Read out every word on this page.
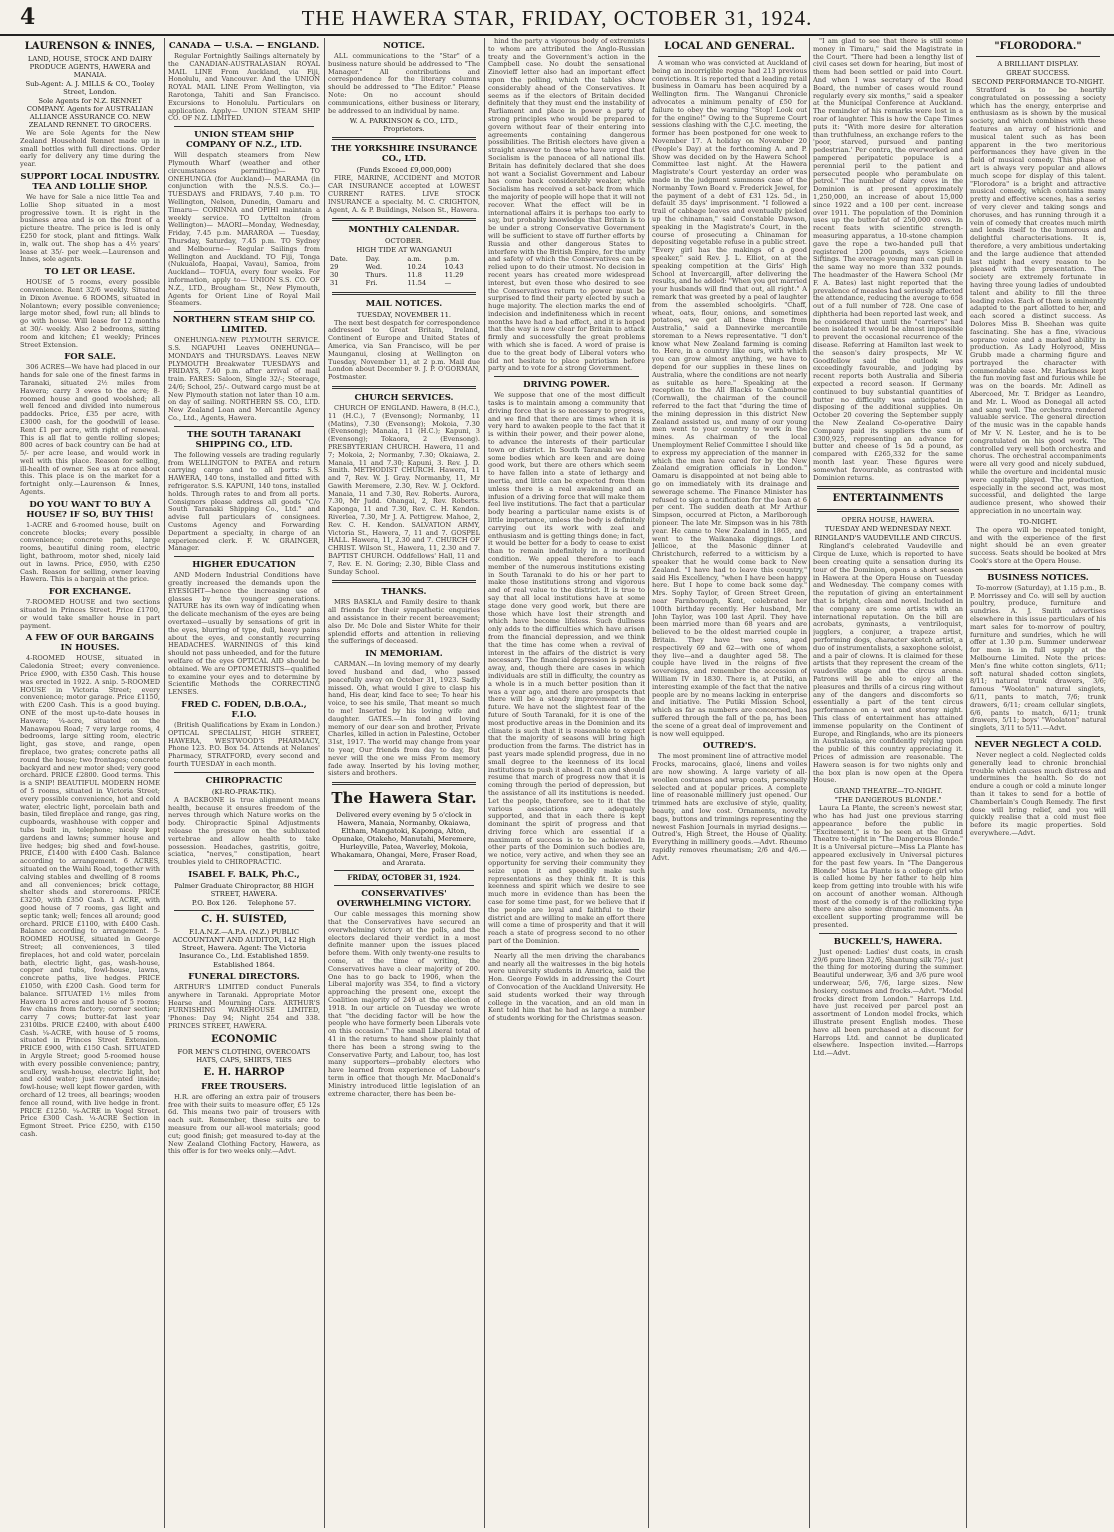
4	THE HAWERA STAR, FRIDAY, OCTOBER 31, 1924.
LAURENSON & INNES,
LAND, HOUSE, STOCK AND DAIRY PRODUCE AGENTS, HAWERA and MANAIA.
Sub-Agent: A. J. MILLS & CO., Tooley Street, London.
Sole Agents for N.Z. RENNET COMPANY. Agents for AUSTRALIAN ALLIANCE ASSURANCE CO. NEW ZEALAND RENNET. TO GROCERS.

We are Sole Agents for the New Zealand Household Rennet made up in small bottles with full directions. Order early for delivery any time during the year.

SUPPORT LOCAL INDUSTRY. TEA AND LOLLIE SHOP.

We have for Sale a nice little Tea and Lollie Shop situated in a most progressive town. It is right in the business area and is on the front of a picture theatre. The price is led is only £250 for stock, plant and fittings. Walk in, walk out. The shop has a 4½ years' lease at 35/- per week.—Laurenson and Innes, sole agents.

TO LET OR LEASE.

HOUSE of 5 rooms, every possible convenience. Rent 32/6 weekly. Situated in Dixon Avenue. 6 ROOMS, situated in Nolantown; every possible convenience; large motor shed, fowl run; all blinds to go with house. Will lease for 12 months at 30/- weekly. Also 2 bedrooms, sitting room and kitchen; £1 weekly; Princes Street Extension.

FOR SALE.

306 ACRES—We have had placed in our hands for sale one of the finest farms in Taranaki, situated 2½ miles from Hawera; carry 3 ewes to the acre; 8-roomed house and good woolshed; all well fenced and divided into numerous paddocks. Price, £35 per acre, with £3000 cash, for the goodwill of lease. Rent £1 per acre, with right of renewal. This is all flat to gentle rolling slopes; 800 acres of back country can be had at 5/- per acre lease, and would work in well with this place. Reason for selling, ill-health of owner. See us at once about this. This place is on the market for a fortnight only.—Laurenson & Innes, Agents.

DO YOU WANT TO BUY A HOUSE? IF SO, BUY THIS!

1-ACRE and 6-roomed house, built on concrete blocks; every possible convenience; concrete paths, large rooms, beautiful dining room, electric light, bathroom, motor shed, nicely laid out in lawns. Price, £950, with £250 Cash. Reason for selling, owner leaving Hawera. This is a bargain at the price.

FOR EXCHANGE.

7-ROOMED HOUSE and two sections situated in Princes Street. Price £1700, or would take smaller house in part payment.

A FEW OF OUR BARGAINS IN HOUSES.

4-ROOMED HOUSE, situated in Caledonia Street; every convenience. Price £900, with £350 Cash. This house was erected in 1922. A snip. 5-ROOMED HOUSE in Victoria Street; every convenience; motor garage. Price £1150, with £200 Cash. This is a good buying. ONE of the most up-to-date houses in Hawera; ¼-acre, situated on the Manawapou Road; 7 very large rooms, 4 bedrooms, large sitting room, electric light, gas stove, and range, open fireplace, two grates; concrete paths all round the house; two frontages; concrete backyard and new motor shed; very good orchard. PRICE £2800. Good terms. This is a SNIP! BEAUTIFUL MODERN HOME of 5 rooms, situated in Victoria Street; every possible convenience, hot and cold water, electric light, porcelain bath and basin, tiled fireplace and range, gas ring, cupboards, washhouse with copper and tubs built in, telephone; nicely kept gardens and lawns; summer house and live hedges; big shed and fowl-house. PRICE, £1400 with £400 Cash. Balance according to arrangement. 6 ACRES, situated on the Waihi Road, together with calving stables and dwelling of 8 rooms and all conveniences; brick cottage, shelter sheds and storerooms. PRICE £3250, with £350 Cash. 1 ACRE, with good house of 7 rooms, gas light and septic tank; well; fences all around; good orchard. PRICE £1100, with £400 Cash. Balance according to arrangement. 5-ROOMED HOUSE, situated in George Street; all conveniences, 3 tiled fireplaces, hot and cold water, porcelain bath, electric light, gas, wash-house, copper and tubs, fowl-house, lawns, concrete paths, live hedges. PRICE £1050, with £200 Cash. Good term for balance. SITUATED 1½ miles from Hawera 10 acres and house of 5 rooms; few chains from factory; corner section; carry 7 cows; butter-fat last year 2310lbs. PRICE £2400, with about £400 Cash. ¼-ACRE, with house of 5 rooms, situated in Princes Street Extension. PRICE £900, with £150 Cash. SITUATED in Argyle Street; good 5-roomed house with every possible convenience; pantry, scullery, wash-house, electric light, hot and cold water; just renovated inside; fowl-house; well kept flower garden, with orchard of 12 trees, all bearings; wooden fence all round, with live hedge in front. PRICE £1250. ¼-ACRE in Vogel Street. Price £300 Cash. ¼-ACRE Section in Egmont Street. Price £250, with £150 cash.

CANADA — U.S.A. — ENGLAND.

Regular Fortnightly Sailings alternately by the CANADIAN-AUSTRALASIAN ROYAL MAIL LINE From Auckland, via Fiji, Honolulu, and Vancouver. And the UNION ROYAL MAIL LINE From Wellington, via Rarotonga, Tahiti and San Francisco. Excursions to Honolulu. Particulars on application. Apply— UNION STEAM SHIP CO. OF N.Z. LIMITED.

UNION STEAM SHIP COMPANY OF N.Z., LTD.

Will despatch steamers from New Plymouth Wharf (weather and other circumstances permitting)— TO ONEHUNGA (for Auckland)— MARAMA (in conjunction with the N.S.S. Co.)— TUESDAYS and FRIDAYS, 7.40 p.m. TO Wellington, Nelson, Dunedin, Oamaru and Timaru— CORINNA and OPIHI maintain a weekly service. TO Lyttelton (from Wellington)— MAORI—Monday, Wednesday, Friday, 7.45 p.m. MARAROA — Tuesday, Thursday, Saturday, 7.45 p.m. TO Sydney and Melbourne— Regular Sailings from Wellington and Auckland. TO Fiji, Tonga (Nukualofa, Haapai, Vavau), Samoa, from Auckland— TOFUA, every four weeks. For information, apply to— UNION S.S. CO. OF N.Z., LTD., Brougham St., New Plymouth, Agents for Orient Line of Royal Mail Steamers.

NORTHERN STEAM SHIP CO. LIMITED.

ONEHUNGA-NEW PLYMOUTH SERVICE. S.S. NGAPUHI Leaves ONEHUNGA— MONDAYS and THURSDAYS. Leaves NEW PLYMOUTH Breakwater TUESDAYS and FRIDAYS, 7.40 p.m. after arrival of mail train. FARES: Saloon, Single 32/-; Steerage, 24/6; School, 25/-. Outward cargo must be at New Plymouth station not later than 10 a.m. on day of sailing. NORTHERN SS. CO., LTD. New Zealand Loan and Mercantile Agency Co., Ltd., Agents, Hawera.

THE SOUTH TARANAKI SHIPPING CO., LTD.

The following vessels are trading regularly from WELLINGTON to PATEA and return carrying cargo and to all ports: S.S. HAWERA, 140 tons, installed and fitted with refrigerator. S.S. KAPUNI, 140 tons, installed holds. Through rates to and from all ports. Consignors please address all goods "C/o South Taranaki Shipping Co., Ltd." and advise full particulars of consignees. Customs Agency and Forwarding Department a specialty, in charge of an experienced clerk. F. W. GRAINGER, Manager.

HIGHER EDUCATION

AND Modern Industrial Conditions have greatly increased the demands upon the EYESIGHT—hence the increasing use of glasses by the younger generations. NATURE has its own way of indicating when the delicate mechanism of the eyes are being overtaxed—usually by sensations of grit in the eyes, blurring of type, dull, heavy pains about the eyes, and constantly recurring HEADACHES. WARNINGS of this kind should not pass unheeded, and for the future welfare of the eyes OPTICAL AID should be obtained. We are OPTOMETRISTS—qualified to examine your eyes and to determine by Scientific Methods the CORRECTING LENSES.

FRED C. FODEN, D.B.O.A., F.I.O.

(British Qualifications by Exam in London.) OPTICAL SPECIALIST, HIGH STREET, HAWERA, WESTWOOD'S PHARMACY, Phone 123. P.O. Box 54. Attends at Nelanes' Pharmacy, STRATFORD, every second and fourth TUESDAY in each month.

CHIROPRACTIC
(KI-RO-PRAK-TIK).

A BACKBONE is true alignment means health, because it ensures freedom of the nerves through which Nature works on the body. Chiropractic Spinal Adjustments release the pressure on the subluxated vertebrae and allow health to take possession. Headaches, gastritis, goitre, sciatica, "nerves," constipation, heart troubles yield to CHIROPRACTIC.

ISABEL F. BALK, Ph.C.,
Palmer Graduate Chiropractor, 88 HIGH STREET, HAWERA.
P.O. Box 126. Telephone 57.
C. H. SUISTED,
F.I.A.N.Z.—A.P.A. (N.Z.) PUBLIC ACCOUNTANT AND AUDITOR, 142 High Street, Hawera. Agent: The Victoria Insurance Co., Ltd. Established 1859.
Established 1864.
FUNERAL DIRECTORS.

ARTHUR'S LIMITED conduct Funerals anywhere in Taranaki. Appropriate Motor Hearse and Mourning Cars. ARTHUR'S FURNISHING WAREHOUSE LIMITED, 'Phones: Day 94; Night 254 and 338. PRINCES STREET, HAWERA.

ECONOMIC
FOR MEN'S CLOTHING, OVERCOATS HATS, CAPS, SHIRTS, TIES
E. H. HARROP
FREE TROUSERS.

H.R. are offering an extra pair of trousers free with their suits to measure offer, £5 12s 6d. This means two pair of trousers with each suit. Remember, these suits are to measure from our all-wool materials; good cut; good finish; get measured to-day at the New Zealand Clothing Factory, Hawera, as this offer is for two weeks only.—Advt.

NOTICE.

ALL communications to the "Star" of a business nature should be addressed to "The Manager." All contributions and correspondence for the literary columns should be addressed to "The Editor." Please Note: On no account should communications, either business or literary, be addressed to an individual by name.

W. A. PARKINSON & CO., LTD., Proprietors.
THE YORKSHIRE INSURANCE CO., LTD.
(Funds Exceed £9,000,000)

FIRE, MARINE, ACCIDENT and MOTOR CAR INSURANCE accepted at LOWEST CURRENT RATES. LIVE STOCK INSURANCE a specialty. M. C. CRIGHTON, Agent, A. & P. Buildings, Nelson St., Hawera.

MONTHLY CALENDAR.
OCTOBER.
HIGH TIDE AT WANGANUI
Date.	Day.	a.m.	p.m.
29	Wed.	10.24	10.43
30	Thurs.	11.8	11.29
31	Fri.	11.54	—
MAIL NOTICES.
TUESDAY, NOVEMBER 11.

The next best despatch for correspondence addressed to Great Britain, Ireland, Continent of Europe and United States of America, via San Francisco, will be per Maunganui, closing at Wellington on Tuesday, November 11, at 2 p.m. Mail due London about December 9. J. P. O'GORMAN, Postmaster.

CHURCH SERVICES.

CHURCH OF ENGLAND. Hawera, 8 (H.C.), 11 (H.C.), 7 (Evensong); Normanby, 11 (Matins), 7.30 (Evensong); Mokoia, 7.30 (Evensong); Manaia, 11 (H.C.); Kapuni, 3 (Evensong); Tokaora, 2 (Evensong). PRESBYTERIAN CHURCH. Hawera, 11 and 7; Mokoia, 2; Normanby, 7.30; Okaiawa, 2. Manaia, 11 and 7.30; Kapuni, 3. Rev. J. D. Smith. METHODIST CHURCH. Hawera, 11 and 7, Rev. W. J. Gray. Normanby, 11, Mr Gawith Meremere, 2.30, Rev. W. J. Ockford. Manaia, 11 and 7.30, Rev. Roberts. Aurora, 7.30, Mr Judd. Ohangai, 2, Rev. Roberts. Kaponga, 11 and 7.30, Rev. C. H. Kendon. Riverlea, 7.30, Mr J. A. Pettigrew. Mahoe, 2, Rev. C. H. Kendon. SALVATION ARMY, Victoria St., Hawera, 7, 11 and 7. GOSPEL HALL. Hawera, 11, 2.30 and 7. CHURCH OF CHRIST. Wilson St., Hawera, 11, 2.30 and 7. BAPTIST CHURCH. Oddfellows' Hall, 11 and 7, Rev. E. N. Goring; 2.30, Bible Class and Sunday School.

THANKS.

MRS BASKLA and Family desire to thank all friends for their sympathetic enquiries and assistance in their recent bereavement; also Dr. Mc Dole and Sister White for their splendid efforts and attention in relieving the sufferings of deceased.

IN MEMORIAM.

CARMAN.—In loving memory of my dearly loved husband and dad, who passed peacefully away on October 31, 1923. Sadly missed. Oh, what would I give to clasp his hand, His dear, kind face to see; To hear his voice, to see his smile, That meant so much to me! Inserted by his loving wife and daughter. GATES.—In fond and loving memory of our dear son and brother, Private Charles, killed in action in Palestine, October 31st, 1917. The world may change from year to year, Our friends from day to day, But never will the one we miss From memory fade away. Inserted by his loving mother, sisters and brothers.

The Hawera Star.
Delivered every evening by 5 o'clock in Hawera, Manaia, Normanby, Okaiawa, Eltham, Mangatoki, Kaponga, Alton, Opunake, Otakeho, Manutahi, Meremere, Hurleyville, Patea, Waverley, Mokoia, Whakamara, Ohangai, Mere, Fraser Road, and Ararata.
FRIDAY, OCTOBER 31, 1924.
CONSERVATIVES' OVERWHELMING VICTORY.

Our cable messages this morning show that the Conservatives have secured an overwhelming victory at the polls, and the electors declared their verdict in a most definite manner upon the issues placed before them. With only twenty-one results to come, at the time of writing, the Conservatives have a clear majority of 200. One has to go back to 1906, when the Liberal majority was 354, to find a victory approaching the present one, except the Coalition majority of 249 at the election of 1918. In our article on Tuesday we wrote that "the deciding factor will be how the people who have formerly been Liberals vote on this occasion." The small Liberal total of 41 in the returns to hand show plainly that there has been a strong swing to the Conservative Party, and Labour, too, has lost many supporters—probably electors who have learned from experience of Labour's term in office that though Mr. MacDonald's Ministry introduced little legislation of an extreme character, there has been be-

hind the party a vigorous body of extremists to whom are attributed the Anglo-Russian treaty and the Government's action in the Campbell case. No doubt the sensational Zinovieff letter also had an important effect upon the polling, which the tables show considerably ahead of the Conservatives. It seems as if the electors of Britain decided definitely that they must end the instability of Parliament and place in power a party of strong principles who would be prepared to govern without fear of their entering into agreements containing dangerous possibilities. The British electors have given a straight answer to those who have urged that Socialism is the panacea of all national ills. Britain has definitely declared that she does not want a Socialist Government and Labour has come back considerably weaker, while Socialism has received a set-back from which the majority of people will hope that it will not recover. What the effect will be in international affairs it is perhaps too early to say, but probably knowledge that Britain is to be under a strong Conservative Government will be sufficient to stave off further efforts by Russia and other dangerous States to interfere with the British Empire, for the unity and safety of which the Conservatives can be relied upon to do their utmost. No decision in recent years has created more widespread interest, but even those who desired to see the Conservatives return to power must be surprised to find their party elected by such a huge majority. The election marks the end of indecision and indefiniteness which in recent months have had a bad effect, and it is hoped that the way is now clear for Britain to attack firmly and successfully the great problems with which she is faced. A word of praise is due to the great body of Liberal voters who did not hesitate to place patriotism before party and to vote for a strong Government.

DRIVING POWER.

We suppose that one of the most difficult tasks is to maintain among a community that driving force that is so necessary to progress, and we find that there are times when it is very hard to awaken people to the fact that it is within their power, and their power alone, to advance the interests of their particular town or district. In South Taranaki we have some bodies which are keen and are doing good work, but there are others which seem to have fallen into a state of lethargy and inertia, and little can be expected from them unless there is a real awakening and an infusion of a driving force that will make them feel live institutions. The fact that a particular body bearing a particular name exists is of little importance, unless the body is definitely carrying out its work with zeal and enthusiasm and is getting things done; in fact, it would be better for a body to cease to exist than to remain indefinitely in a moribund condition. We appeal therefore to each member of the numerous institutions existing in South Taranaki to do his or her part to make those institutions strong and vigorous and of real value to the district. It is true to say that all local institutions have at some stage done very good work, but there are those which have lost their strength and which have become lifeless. Such dullness only adds to the difficulties which have arisen from the financial depression, and we think that the time has come when a revival of interest in the affairs of the district is very necessary. The financial depression is passing away, and, though there are cases in which individuals are still in difficulty, the country as a whole is in a much better position than it was a year ago, and there are prospects that there will be a steady improvement in the future. We have not the slightest fear of the future of South Taranaki, for it is one of the most productive areas in the Dominion and its climate is such that it is reasonable to expect that the majority of seasons will bring high production from the farms. The district has in past years made splendid progress, due in no small degree to the keenness of its local institutions to push it ahead. It can and should resume that march of progress now that it is coming through the period of depression, but the assistance of all its institutions is needed. Let the people, therefore, see to it that the various associations are adequately supported, and that in each there is kept dominant the spirit of progress and that driving force which are essential if a maximum of success is to be achieved. In other parts of the Dominion such bodies are, we notice, very active, and when they see an opportunity for serving their community they seize upon it and speedily make such representations as they think fit. It is this keenness and spirit which we desire to see much more in evidence than has been the case for some time past, for we believe that if the people are loyal and faithful to their district and are willing to make an effort there will come a time of prosperity and that it will reach a state of progress second to no other part of the Dominion.

Nearly all the men driving the charabancs and nearly all the waitresses in the big hotels were university students in America, said the Hon. George Fowlds in addressing the Court of Convocation of the Auckland University. He said students worked their way through college in the vacation, and an old man in Kent told him that he had as large a number of students working for the Christmas season.

LOCAL AND GENERAL.

A woman who was convicted at Auckland of being an incorrigible rogue had 213 previous convictions. It is reported that a leading retail business in Oamaru has been acquired by a Wellington firm. The Wanganui Chronicle advocates a minimum penalty of £50 for failure to obey the warning "Stop! Look out for the engine!" Owing to the Supreme Court sessions clashing with the C.J.C. meeting, the former has been postponed for one week to November 17. A holiday on November 20 (People's Day) at the forthcoming A. and P. Show was decided on by the Hawera School Committee last night. At the Hawera Magistrate's Court yesterday an order was made in the judgment summons case of the Normanby Town Board v. Frederick Jewel, for the payment of a debt of £31 12s. 5d., in default 35 days' imprisonment. "I followed a trail of cabbage leaves and eventually picked up the chinaman," said Constable Dawson, speaking in the Magistrate's Court, in the course of prosecuting a Chinaman for depositing vegetable refuse in a public street. "Every girl has the makings of a good speaker," said Rev. J. L. Elliot, on at the speaking competition at the Girls' High School at Invercargill, after delivering the results, and he added: "When you get married your husbands will find that out, all right." A remark that was greeted by a peal of laughter from the assembled schoolgirls. "Chaff, wheat, oats, flour, onions, and sometimes potatoes, we get all these things from Australia," said a Dannevirke mercantile storeman to a News representative. "I don't know what New Zealand farming is coming to. Here, in a country like ours, with which you can grow almost anything, we have to depend for our supplies in these lines on Australia, where the conditions are not nearly as suitable as here." Speaking at the reception to the All Blacks to Cambourne (Cornwall), the chairman of the council referred to the fact that "during the time of the mining depression in this district New Zealand assisted us, and many of our young men went to your country to work in the mines. As chairman of the local Unemployment Relief Committee I should like to express my appreciation of the manner in which the men have cared for by the New Zealand emigration officials in London." Oamaru is disappointed at not being able to go on immediately with its drainage and sewerage scheme. The Finance Minister has refused to sign a notification for the loan at 6 per cent. The sudden death at Mr Arthur Simpson, occurred at Picton, a Marlborough pioneer. The late Mr. Simpson was in his 78th year. He came to New Zealand in 1865, and went to the Waikanaka diggings. Lord Jellicoe, at the Masonic dinner at Christchurch, referred to a witticism by a speaker that he would come back to New Zealand. "I have had to leave this country," said His Excellency, "when I have been happy here. But I hope to come back some day." Mrs. Sophy Taylor, of Green Street Green, near Farnborough, Kent, celebrated her 100th birthday recently. Her husband, Mr. John Taylor, was 100 last April. They have been married more than 68 years and are believed to be the oldest married couple in Britain. They have two sons, aged respectively 69 and 62—with one of whom they live—and a daughter aged 58. The couple have lived in the reigns of five sovereigns, and remember the accession of William IV in 1830. There is, at Putiki, an interesting example of the fact that the native people are by no means lacking in enterprise and initiative. The Putiki Mission School, which as far as numbers are concerned, has suffered through the fall of the pa, has been the scene of a great deal of improvement and is now well equipped.

OUTRED'S.

The most prominent line of attractive model Frocks, marocains, glacé, linens and voiles are now showing. A large variety of all-woollen costumes and wrap coats, personally selected and at popular prices. A complete line of reasonable millinery just opened. Our trimmed hats are exclusive of style, quality, beauty, and low cost. Ornaments, novelty bags, buttons and trimmings representing the newest Fashion Journals in myriad designs.—Outred's, High Street, the House of Quality. Everything in millinery goods.—Advt. Rheumo rapidly removes rheumatism; 2/6 and 4/6.—Advt.

"I am glad to see that there is still some money in Timaru," said the Magistrate in the Court. "There had been a lengthy list of civil cases set down for hearing, but most of them had been settled or paid into Court. And when I was secretary of the Road Board, the number of cases would round regularly every six months," said a speaker at the Municipal Conference at Auckland. The reminder of his remarks were lost in a roar of laughter. This is how the Cape Times puts it: "With more desire for alteration than truthfulness, an exchange refers to the 'poor, starved, pursued and panting pedestrian.' Per contra, the overworked and pampered peripatetic populace is a perennial peril to the patient and persecuted people who perambulate on petrol." The number of dairy cows in the Dominion is at present approximately 1,250,000, an increase of about 15,000 since 1922 and a 100 per cent. increase over 1911. The population of the Dominion uses up the butter-fat of 250,000 cows. In recent feats with scientific strength-measuring apparatus, a 10-stone champion gave the rope a two-handed pull that registered 1200 pounds, says Science Siftings. The average young man can pull in the same way no more than 332 pounds. The headmaster of the Hawera School (Mr F. A. Bates) last night reported that the prevalence of measles had seriously affected the attendance, reducing the average to 658 out of a full number of 728. One case of diphtheria had been reported last week, and he considered that until the "carriers" had been isolated it would be almost impossible to prevent the occasional recurrence of the disease. Referring at Hamilton last week to the season's dairy prospects, Mr W. Goodfellow said the outlook was exceedingly favourable, and judging by recent reports both Australia and Siberia expected a record season. If Germany continued to buy substantial quantities of butter no difficulty was anticipated in disposing of the additional supplies. On October 20 covering the September supply the New Zealand Co-operative Dairy Company paid its suppliers the sum of £300,925, representing an advance for butter and cheese of 1s 5d a pound, as compared with £265,332 for the same month last year. These figures were somewhat favourable, as contrasted with Dominion returns.

ENTERTAINMENTS
OPERA HOUSE, HAWERA.
TUESDAY AND WEDNESDAY NEXT.
RINGLAND'S VAUDEVILLE AND CIRCUS.

Ringland's celebrated Vaudeville and Cirque de Luxe, which is reported to have been creating quite a sensation during its tour of the Dominion, opens a short season in Hawera at the Opera House on Tuesday and Wednesday. The company comes with the reputation of giving an entertainment that is bright, clean and novel. Included in the company are some artists with an international reputation. On the bill are acrobats, gymnasts, a ventriloquist, jugglers, a conjurer, a trapeze artist, performing dogs, character sketch artist, a duo of instrumentalists, a saxophone soloist, and a pair of clowns. It is claimed for these artists that they represent the cream of the vaudeville stage and the circus arena. Patrons will be able to enjoy all the pleasures and thrills of a circus ring without any of the dangers and discomforts so essentially a part of the tent circus performance on a wet and stormy night. This class of entertainment has attained immense popularity on the Continent of Europe, and Ringlands, who are its pioneers in Australasia, are confidently relying upon the public of this country appreciating it. Prices of admission are reasonable. The Hawera season is for two nights only and the box plan is now open at the Opera House.

GRAND THEATRE—TO-NIGHT.
"THE DANGEROUS BLONDE."

Laura La Plante, the screen's newest star, who has had just one previous starring appearance before the public in "Excitement," is to be seen at the Grand Theatre to-night in "The Dangerous Blonde." It is a Universal picture—Miss La Plante has appeared exclusively in Universal pictures for the past few years. In "The Dangerous Blonde" Miss La Plante is a college girl who is called home by her father to help him keep from getting into trouble with his wife on account of another woman. Although most of the comedy is of the rollicking type there are also some dramatic moments. An excellent supporting programme will be presented.

BUCKELL'S, HAWERA.

Just opened: Ladies' dust coats, in crash 29/6 pure linen 32/6, Shantung silk 75/-; just the thing for motoring during the summer. Beautiful underwear, 3/6 and 3/6 pure wool underwear, 5/6, 7/6, large sizes. New hosiery, costumes and frocks.—Advt. "Model frocks direct from London." Harrops Ltd. have just received per parcel post an assortment of London model frocks, which illustrate present English modes. These have all been purchased at a discount for Harrops Ltd. and cannot be duplicated elsewhere. Inspection invited.—Harrops Ltd.—Advt.

"FLORODORA."
A BRILLIANT DISPLAY.
GREAT SUCCESS.
SECOND PERFORMANCE TO-NIGHT.

Stratford is to be heartily congratulated on possessing a society which has the energy, enterprise and enthusiasm as is shown by the musical society, and which combines with these features an array of histrionic and musical talent such as has been apparent in the two meritorious performances they have given in the field of musical comedy. This phase of art is always very popular and allows much scope for display of this talent. "Florodora" is a bright and attractive musical comedy, which contains many pretty and effective scenes, has a series of very clever and taking songs and choruses, and has running through it a vein of comedy that creates much mirth and lends itself to the humorous and delightful characterisations. It is, therefore, a very ambitious undertaking and the large audience that attended last night had every reason to be pleased with the presentation. The society are extremely fortunate in having three young ladies of undoubted talent and ability to fill the three leading roles. Each of them is eminently adapted to the part allotted to her, and each scored a distinct success. As Dolores Miss B. Sheehan was quite fascinating. She has a fine, vivacious soprano voice and a marked ability in production. As Lady Holyrood, Miss Grubb made a charming figure and portrayed the character with commendable ease. Mr. Harkness kept the fun moving fast and furious while he was on the boards. Mr. Adinell as Abercoed, Mr. T. Bridger as Leandro, and Mr. L. Wood as Donegal all acted and sang well. The orchestra rendered valuable service. The general direction of the music was in the capable hands of Mr V. N. Lester, and he is to be congratulated on his good work. The controlled very well both orchestra and chorus. The orchestral accompaniments were all very good and nicely subdued, while the overture and incidental music were capitally played. The production, especially in the second act, was most successful, and delighted the large audience present, who showed their appreciation in no uncertain way.

TO-NIGHT.

The opera will be repeated tonight, and with the experience of the first night should be an even greater success. Seats should be booked at Mrs Cook's store at the Opera House.

BUSINESS NOTICES.

To-morrow (Saturday), at 1.15 p.m., B. P. Morrissey and Co. will sell by auction poultry, produce, furniture and sundries. A. J. Smith advertises elsewhere in this issue particulars of his mart sales for to-morrow of poultry, furniture and sundries, which he will offer at 1.30 p.m. Summer underwear for men is in full supply at the Melbourne Limited. Note the prices: Men's fine white cotton singlets, 6/11; soft natural shaded cotton singlets, 8/11; natural trunk drawers, 3/6; famous "Woolaton" natural singlets, 6/11, pants to match, 7/6; trunk drawers, 6/11; cream cellular singlets, 6/6, pants to match, 6/11; trunk drawers, 5/11; boys' "Woolaton" natural singlets, 3/11 to 5/11.—Advt.

NEVER NEGLECT A COLD.

Never neglect a cold. Neglected colds generally lead to chronic bronchial trouble which causes much distress and undermines the health. So do not endure a cough or cold a minute longer than it takes to send for a bottle of Chamberlain's Cough Remedy. The first dose will bring relief, and you will quickly realise that a cold must flee before its magic properties. Sold everywhere.—Advt.
